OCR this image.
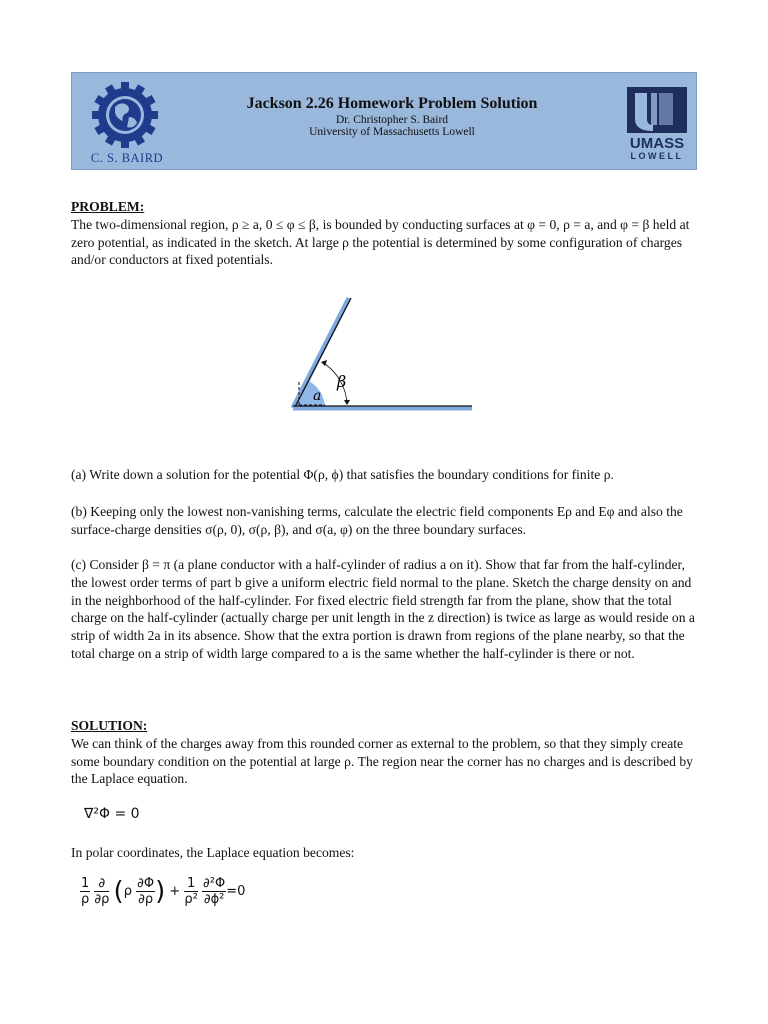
C. S. BAIRD
Jackson 2.26 Homework Problem Solution
Dr. Christopher S. Baird
University of Massachusetts Lowell
UMASS
LOWELL
PROBLEM:
The two-dimensional region, ρ ≥ a, 0 ≤ φ ≤ β, is bounded by conducting surfaces at φ = 0, ρ = a, and φ = β held at zero potential, as indicated in the sketch. At large ρ the potential is determined by some configuration of charges and/or conductors at fixed potentials.
β
a
(a) Write down a solution for the potential Φ(ρ, ϕ) that satisfies the boundary conditions for finite ρ.
(b) Keeping only the lowest non-vanishing terms, calculate the electric field components Eρ and Eφ and also the surface-charge densities σ(ρ, 0), σ(ρ, β), and σ(a, φ) on the three boundary surfaces.
(c) Consider β = π (a plane conductor with a half-cylinder of radius a on it). Show that far from the half-cylinder, the lowest order terms of part b give a uniform electric field normal to the plane. Sketch the charge density on and in the neighborhood of the half-cylinder. For fixed electric field strength far from the plane, show that the total charge on the half-cylinder (actually charge per unit length in the z direction) is twice as large as would reside on a strip of width 2a in its absence. Show that the extra portion is drawn from regions of the plane nearby, so that the total charge on a strip of width large compared to a is the same whether the half-cylinder is there or not.
SOLUTION:
We can think of the charges away from this rounded corner as external to the problem, so that they simply create some boundary condition on the potential at large ρ. The region near the corner has no charges and is described by the Laplace equation.
∇²Φ = 0
In polar coordinates, the Laplace equation becomes:
$\frac{1}{\rho}$
$\frac{\partial}{\partial\rho} (\rho \frac{\partial\Phi}{\partial\rho}$ ) + $\frac{1}{\text{ρ²}}$
$\frac{\text{∂²Φ}}{\text{∂ϕ²}} =0$
